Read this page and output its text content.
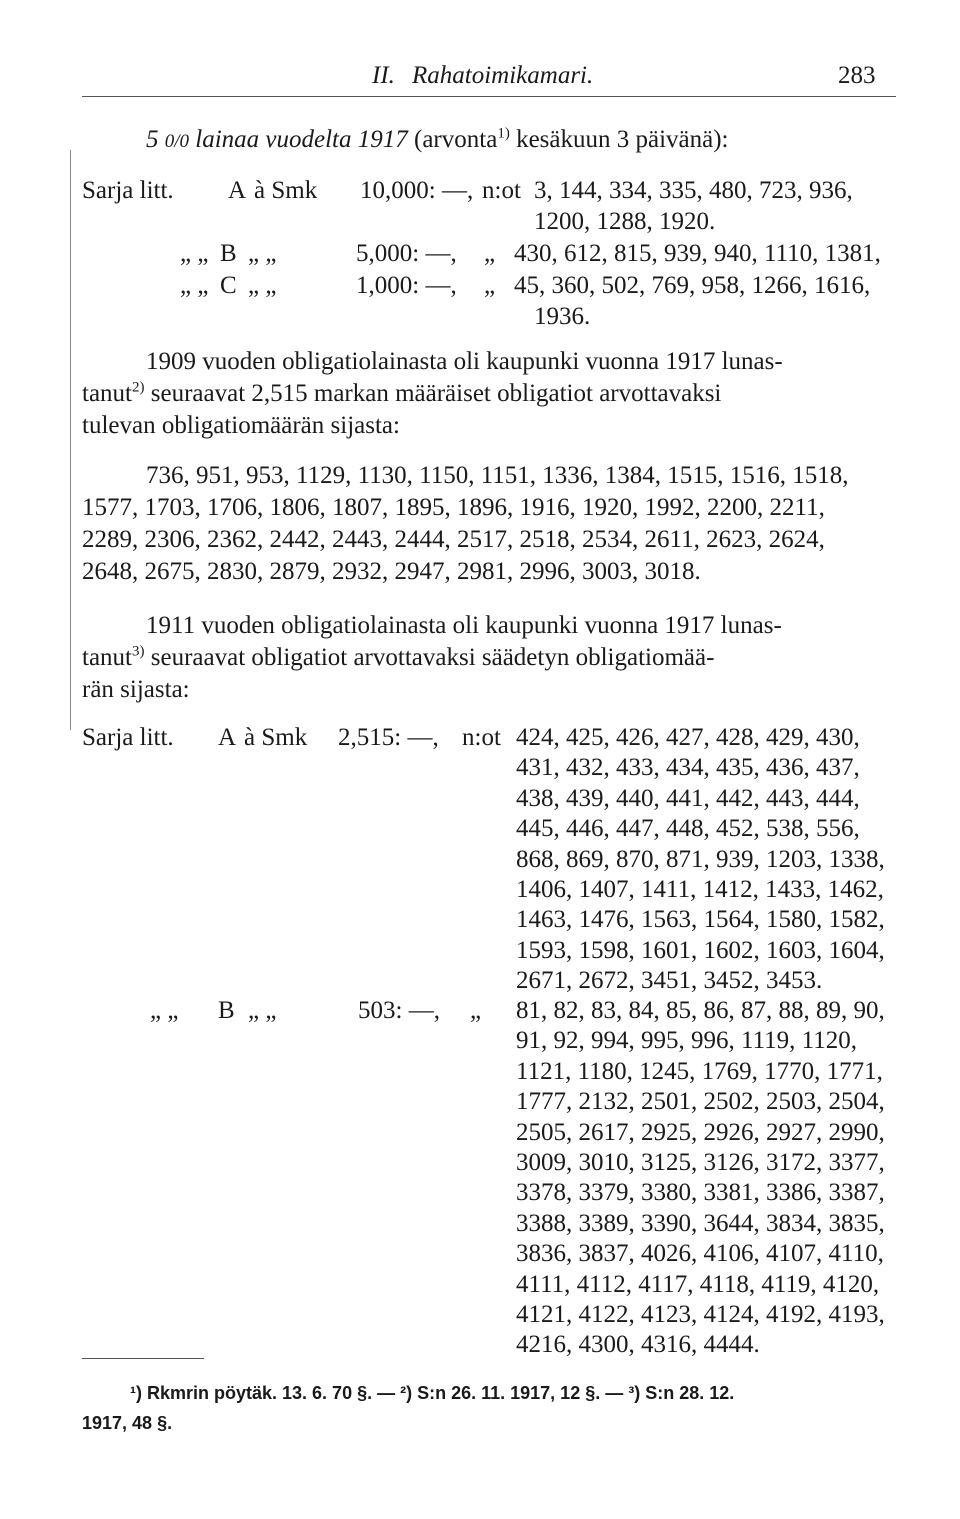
II. Rahatoimikamari.	283
5 0/0 lainaa vuodelta 1917 (arvonta$^{1)}$ kesäkuun 3 päivänä):
Sarja litt. A à Smk 10,000: —, n:ot 3, 144, 334, 335, 480, 723, 936,
1200, 1288, 1920.
„ „ B „ „	5,000: —, „ 430, 612, 815, 939, 940, 1110, 1381,
„ „ C „ „	1,000: —, „ 45, 360, 502, 769, 958, 1266, 1616,
1936.
1909 vuoden obligatiolainasta oli kaupunki vuonna 1917 lunas-
tanut$^{2)}$ seuraavat 2,515 markan määräiset obligatiot arvottavaksi
tulevan obligatiomäärän sijasta:
736, 951, 953, 1129, 1130, 1150, 1151, 1336, 1384, 1515, 1516, 1518,
1577, 1703, 1706, 1806, 1807, 1895, 1896, 1916, 1920, 1992, 2200, 2211,
2289, 2306, 2362, 2442, 2443, 2444, 2517, 2518, 2534, 2611, 2623, 2624,
2648, 2675, 2830, 2879, 2932, 2947, 2981, 2996, 3003, 3018.
1911 vuoden obligatiolainasta oli kaupunki vuonna 1917 lunas-
tanut$^{3)}$ seuraavat obligatiot arvottavaksi säädetyn obligatiomää-
rän sijasta:
Sarja litt. A à Smk 2,515: —, n:ot 424, 425, 426, 427, 428, 429, 430,
431, 432, 433, 434, 435, 436, 437,
438, 439, 440, 441, 442, 443, 444,
445, 446, 447, 448, 452, 538, 556,
868, 869, 870, 871, 939, 1203, 1338,
1406, 1407, 1411, 1412, 1433, 1462,
1463, 1476, 1563, 1564, 1580, 1582,
1593, 1598, 1601, 1602, 1603, 1604,
2671, 2672, 3451, 3452, 3453.
„ „ B „ „	503: —, „ 81, 82, 83, 84, 85, 86, 87, 88, 89, 90,
91, 92, 994, 995, 996, 1119, 1120,
1121, 1180, 1245, 1769, 1770, 1771,
1777, 2132, 2501, 2502, 2503, 2504,
2505, 2617, 2925, 2926, 2927, 2990,
3009, 3010, 3125, 3126, 3172, 3377,
3378, 3379, 3380, 3381, 3386, 3387,
3388, 3389, 3390, 3644, 3834, 3835,
3836, 3837, 4026, 4106, 4107, 4110,
4111, 4112, 4117, 4118, 4119, 4120,
4121, 4122, 4123, 4124, 4192, 4193,
4216, 4300, 4316, 4444.
¹) Rkmrin pöytäk. 13. 6. 70 §. — ²) S:n 26. 11. 1917, 12 §. — ³) S:n 28. 12.
1917, 48 §.
